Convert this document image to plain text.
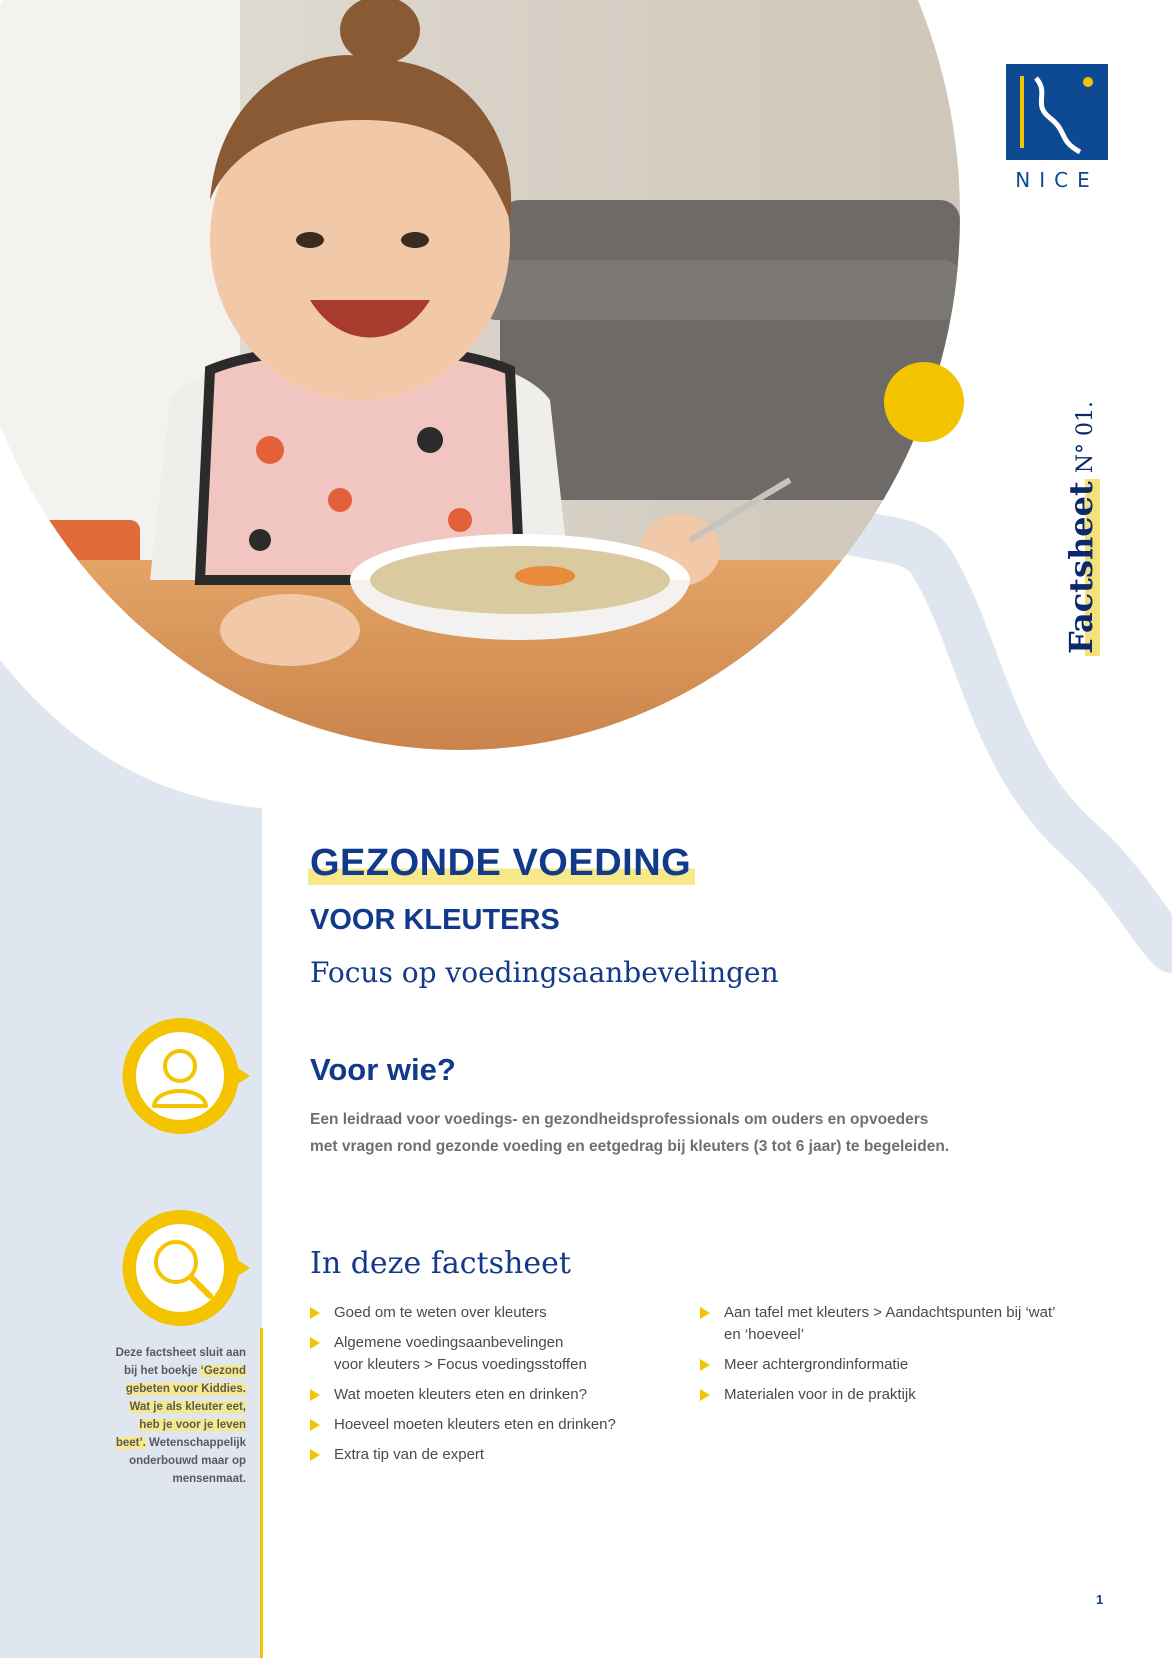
NICE
FactsheetN° 01.
GEZONDE VOEDING
VOOR KLEUTERS
Focus op voedingsaanbevelingen
Voor wie?
Een leidraad voor voedings- en gezondheidsprofessionals om ouders en opvoeders
met vragen rond gezonde voeding en eetgedrag bij kleuters (3 tot 6 jaar) te begeleiden.
In deze factsheet
Goed om te weten over kleuters
Algemene voedingsaanbevelingen voor kleuters > Focus voedingsstoffen
Wat moeten kleuters eten en drinken?
Hoeveel moeten kleuters eten en drinken?
Extra tip van de expert
Aan tafel met kleuters > Aandachtspunten bij ‘wat’ en ‘hoeveel’
Meer achtergrondinformatie
Materialen voor in de praktijk
Deze factsheet sluit aan
bij het boekje ‘Gezond
gebeten voor Kiddies.
Wat je als kleuter eet,
heb je voor je leven
beet’. Wetenschappelijk
onderbouwd maar op
mensenmaat.
1
